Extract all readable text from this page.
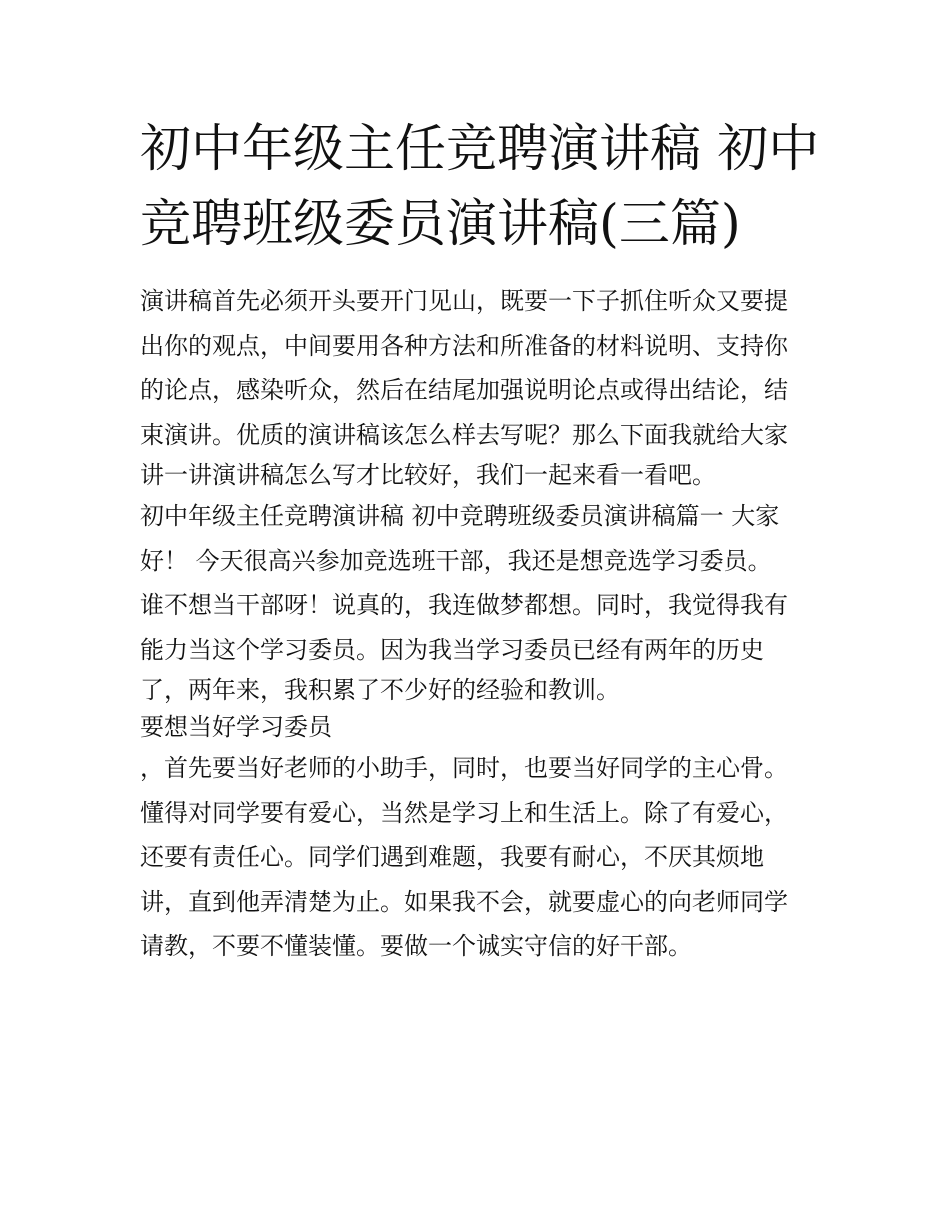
初中年级主任竞聘演讲稿 初中
竞聘班级委员演讲稿(三篇)
演讲稿首先必须开头要开门见山，既要一下子抓住听众又要提
出你的观点，中间要用各种方法和所准备的材料说明、支持你
的论点，感染听众，然后在结尾加强说明论点或得出结论，结
束演讲。优质的演讲稿该怎么样去写呢？那么下面我就给大家
讲一讲演讲稿怎么写才比较好，我们一起来看一看吧。
初中年级主任竞聘演讲稿 初中竞聘班级委员演讲稿篇一 大家
好！ 今天很高兴参加竞选班干部，我还是想竞选学习委员。
谁不想当干部呀！说真的，我连做梦都想。同时，我觉得我有
能力当这个学习委员。因为我当学习委员已经有两年的历史
了，两年来，我积累了不少好的经验和教训。
要想当好学习委员
，首先要当好老师的小助手，同时，也要当好同学的主心骨。
懂得对同学要有爱心，当然是学习上和生活上。除了有爱心，
还要有责任心。同学们遇到难题，我要有耐心，不厌其烦地
讲，直到他弄清楚为止。如果我不会，就要虚心的向老师同学
请教，不要不懂装懂。要做一个诚实守信的好干部。
